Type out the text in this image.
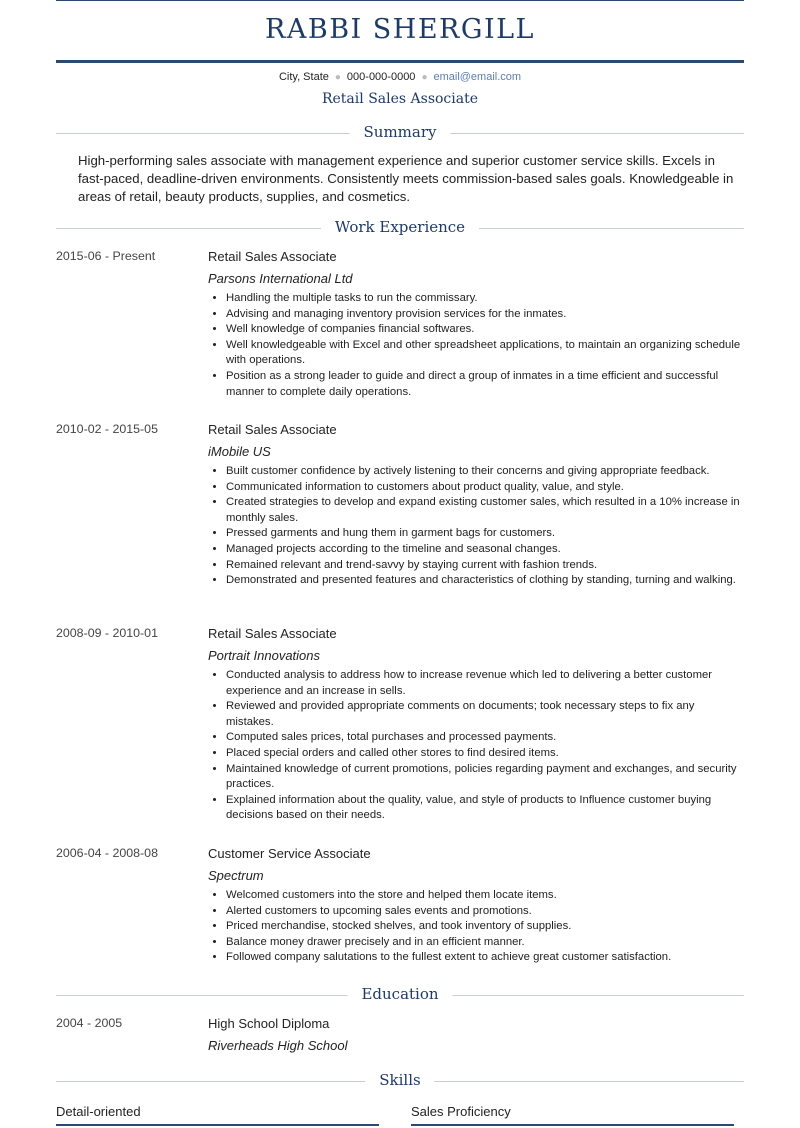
RABBI SHERGILL
City, State ● 000-000-0000 ● email@email.com
Retail Sales Associate
Summary
High-performing sales associate with management experience and superior customer service skills. Excels in fast-paced, deadline-driven environments. Consistently meets commission-based sales goals. Knowledgeable in areas of retail, beauty products, supplies, and cosmetics.
Work Experience
2015-06 - Present	Retail Sales Associate
Parsons International Ltd
• Handling the multiple tasks to run the commissary.
• Advising and managing inventory provision services for the inmates.
• Well knowledge of companies financial softwares.
• Well knowledgeable with Excel and other spreadsheet applications, to maintain an organizing schedule with operations.
• Position as a strong leader to guide and direct a group of inmates in a time efficient and successful manner to complete daily operations.
2010-02 - 2015-05	Retail Sales Associate
iMobile US
• Built customer confidence by actively listening to their concerns and giving appropriate feedback.
• Communicated information to customers about product quality, value, and style.
• Created strategies to develop and expand existing customer sales, which resulted in a 10% increase in monthly sales.
• Pressed garments and hung them in garment bags for customers.
• Managed projects according to the timeline and seasonal changes.
• Remained relevant and trend-savvy by staying current with fashion trends.
• Demonstrated and presented features and characteristics of clothing by standing, turning and walking.
2008-09 - 2010-01	Retail Sales Associate
Portrait Innovations
• Conducted analysis to address how to increase revenue which led to delivering a better customer experience and an increase in sells.
• Reviewed and provided appropriate comments on documents; took necessary steps to fix any mistakes.
• Computed sales prices, total purchases and processed payments.
• Placed special orders and called other stores to find desired items.
• Maintained knowledge of current promotions, policies regarding payment and exchanges, and security practices.
• Explained information about the quality, value, and style of products to Influence customer buying decisions based on their needs.
2006-04 - 2008-08	Customer Service Associate
Spectrum
• Welcomed customers into the store and helped them locate items.
• Alerted customers to upcoming sales events and promotions.
• Priced merchandise, stocked shelves, and took inventory of supplies.
• Balance money drawer precisely and in an efficient manner.
• Followed company salutations to the fullest extent to achieve great customer satisfaction.
Education
2004 - 2005	High School Diploma
Riverheads High School
Skills
Detail-oriented	Sales Proficiency
